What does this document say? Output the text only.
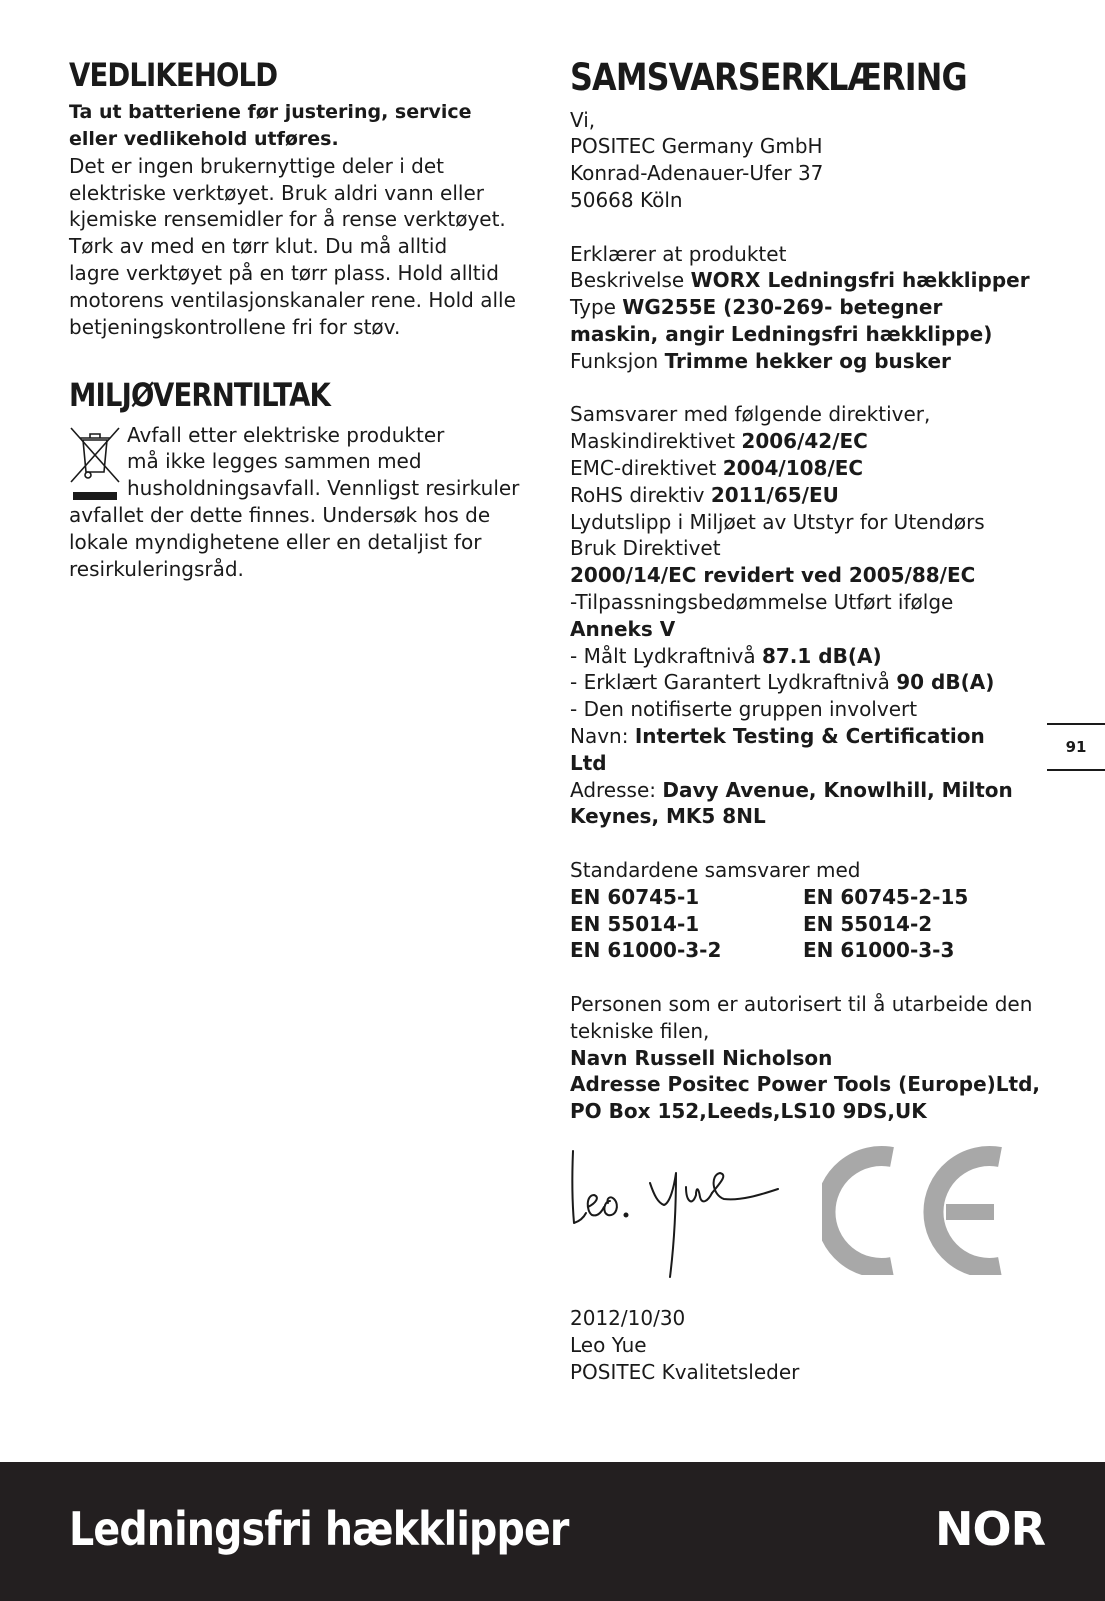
VEDLIKEHOLD

Ta ut batteriene før justering, service
eller vedlikehold utføres.

Det er ingen brukernyttige deler i det
elektriske verktøyet. Bruk aldri vann eller
kjemiske rensemidler for å rense verktøyet.
Tørk av med en tørr klut. Du må alltid
lagre verktøyet på en tørr plass. Hold alltid
motorens ventilasjonskanaler rene. Hold alle
betjeningskontrollene fri for støv.

MILJØVERNTILTAK

Avfall etter elektriske produkter
må ikke legges sammen med
husholdningsavfall. Vennligst resirkuler
avfallet der dette finnes. Undersøk hos de
lokale myndighetene eller en detaljist for
resirkuleringsråd.

SAMSVARSERKLÆRING

Vi,
POSITEC Germany GmbH
Konrad-Adenauer-Ufer 37
50668 Köln

Erklærer at produktet
Beskrivelse WORX Ledningsfri hækklipper
Type WG255E (230-269- betegner
maskin, angir Ledningsfri hækklippe)
Funksjon Trimme hekker og busker

Samsvarer med følgende direktiver,
Maskindirektivet 2006/42/EC
EMC-direktivet 2004/108/EC
RoHS direktiv 2011/65/EU
Lydutslipp i Miljøet av Utstyr for Utendørs
Bruk Direktivet
2000/14/EC revidert ved 2005/88/EC
-Tilpassningsbedømmelse Utført ifølge
Anneks V
- Målt Lydkraftnivå 87.1 dB(A)
- Erklært Garantert Lydkraftnivå 90 dB(A)
- Den notifiserte gruppen involvert
Navn: Intertek Testing & Certification
Ltd
Adresse: Davy Avenue, Knowlhill, Milton
Keynes, MK5 8NL

Standardene samsvarer med

EN 60745-1	EN 60745-2-15
EN 55014-1	EN 55014-2
EN 61000-3-2	EN 61000-3-3

Personen som er autorisert til å utarbeide den
tekniske filen,
Navn Russell Nicholson
Adresse Positec Power Tools (Europe)Ltd,
PO Box 152,Leeds,LS10 9DS,UK

2012/10/30
Leo Yue
POSITEC Kvalitetsleder

91
Ledningsfri hækklipper	NOR
